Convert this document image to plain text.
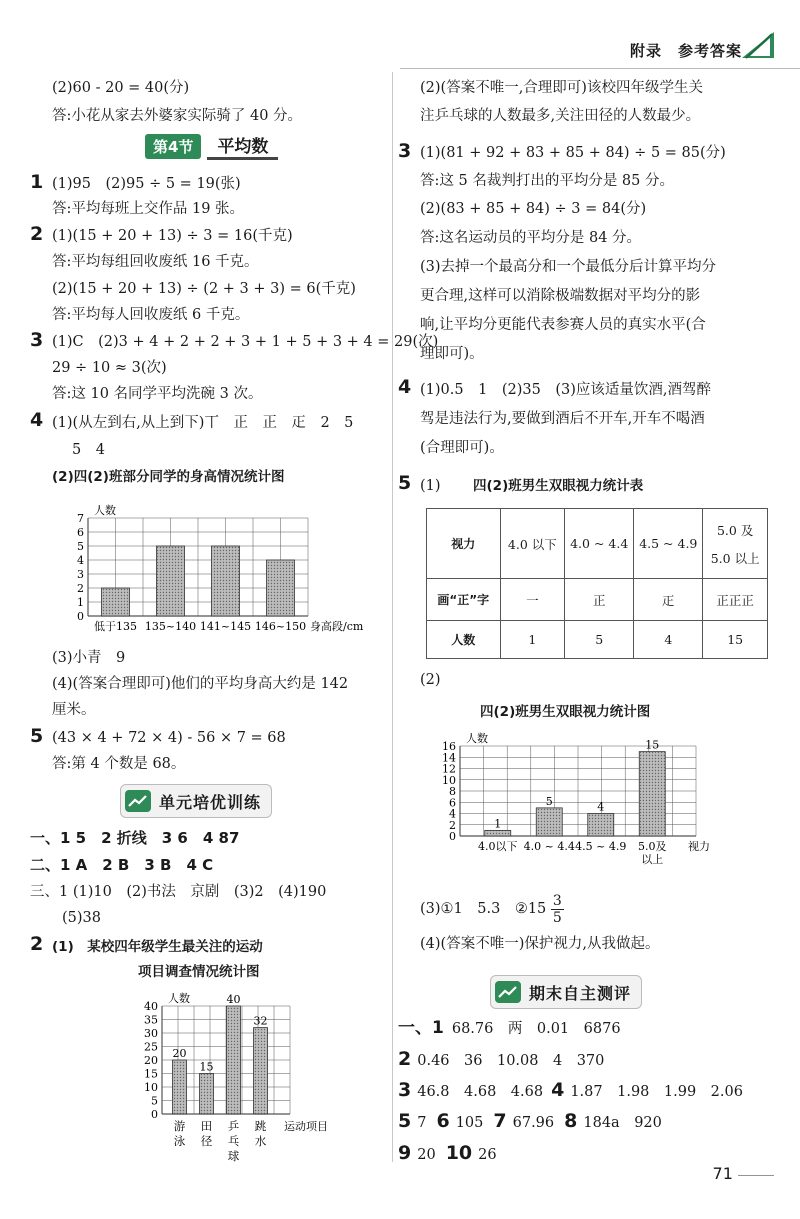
附录　参考答案
(2)60 - 20 = 40(分)
答:小花从家去外婆家实际骑了 40 分。
第4节	平均数
1 (1)95　(2)95 ÷ 5 = 19(张)
答:平均每班上交作品 19 张。
2 (1)(15 + 20 + 13) ÷ 3 = 16(千克)
答:平均每组回收废纸 16 千克。
(2)(15 + 20 + 13) ÷ (2 + 3 + 3) = 6(千克)
答:平均每人回收废纸 6 千克。
3 (1)C　(2)3 + 4 + 2 + 2 + 3 + 1 + 5 + 3 + 4 = 29(次)
29 ÷ 10 ≈ 3(次)
答:这 10 名同学平均洗碗 3 次。
4 (1)(从左到右,从上到下)丅　正　正　𤴓　2　5
5　4
(2)四(2)班部分同学的身高情况统计图
0
1
2
3
4
5
6
7
人数
低于135 135~140 141~145 146~150 身高段/cm
(3)小青　9
(4)(答案合理即可)他们的平均身高大约是 142
厘米。
5 (43 × 4 + 72 × 4) - 56 × 7 = 68
答:第 4 个数是 68。
单元培优训练
一、1 5　2 折线　3 6　4 87
二、1 A　2 B　3 B　4 C
三、1 (1)10　(2)书法　京剧　(3)2　(4)190
(5)38
2 (1)　某校四年级学生最关注的运动
项目调查情况统计图
0
5
10
15
20
25
30
35
40
人数
20
游
泳
15
田
径
40
乒
乓
球
32
跳
水
运动项目
(2)(答案不唯一,合理即可)该校四年级学生关
注乒乓球的人数最多,关注田径的人数最少。
3 (1)(81 + 92 + 83 + 85 + 84) ÷ 5 = 85(分)
答:这 5 名裁判打出的平均分是 85 分。
(2)(83 + 85 + 84) ÷ 3 = 84(分)
答:这名运动员的平均分是 84 分。
(3)去掉一个最高分和一个最低分后计算平均分
更合理,这样可以消除极端数据对平均分的影
响,让平均分更能代表参赛人员的真实水平(合
理即可)。
4 (1)0.5　1　(2)35　(3)应该适量饮酒,酒驾醉
驾是违法行为,要做到酒后不开车,开车不喝酒
(合理即可)。
5 (1) 四(2)班男生双眼视力统计表
视力	4.0 以下	4.0 ~ 4.4	4.5 ~ 4.9	5.0 及
5.0 以上

画“正”字	一	正	𤴓	正正正
人数	1	5	4	15
(2)
四(2)班男生双眼视力统计图
0
2
4
6
8
10
12
14
16
人数
1
4.0以下
5
4.0 ~ 4.4
4
4.5 ~ 4.9
15
5.0及
以上
视力
(3)①1　5.3　②15 $\frac{3}{5}$
(4)(答案不唯一)保护视力,从我做起。
期末自主测评
一、1 68.76　两　0.01　6876
2 0.46　36　10.08　4　370
3 46.8　4.68　4.68 4 1.87　1.98　1.99　2.06
5 7 6 105 7 67.96 8 184a　920
9 20 10 26
71 ―――
